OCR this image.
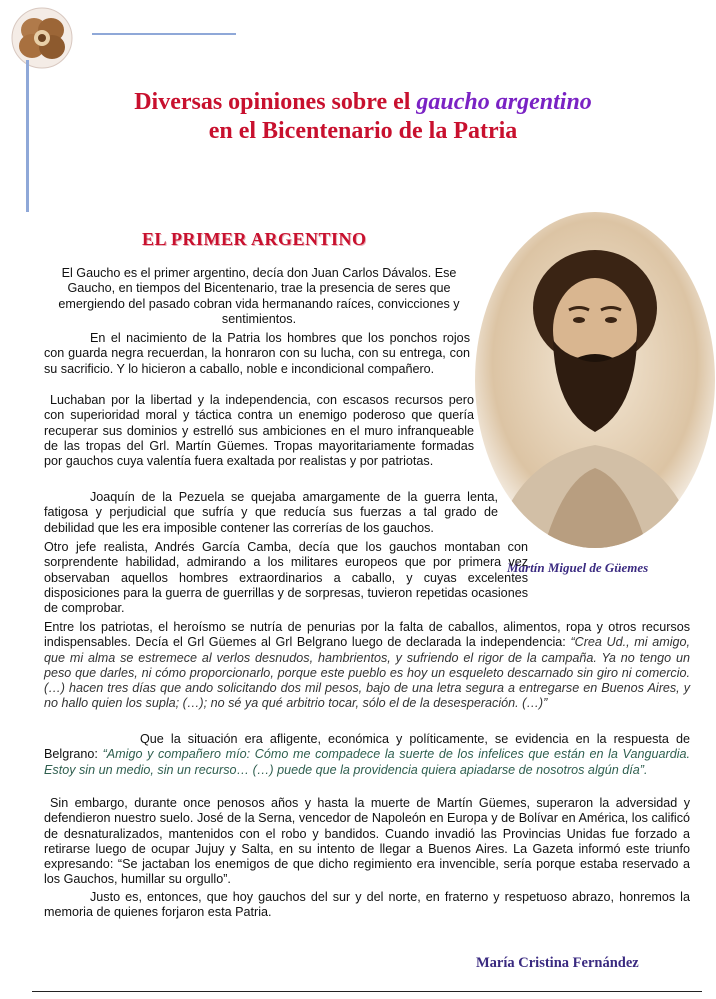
Diversas opiniones sobre el gaucho argentino
en el Bicentenario de la Patria
EL PRIMER ARGENTINO
Martín Miguel de Güemes
El Gaucho es el primer argentino, decía don Juan Carlos Dávalos. Ese Gaucho, en tiempos del Bicentenario, trae la presencia de seres que emergiendo del pasado cobran vida hermanando raíces, convicciones y sentimientos.
En el nacimiento de la Patria los hombres que los ponchos rojos con guarda negra recuerdan, la honraron con su lucha, con su entrega, con su sacrificio. Y lo hicieron a caballo, noble e incondicional compañero.
Luchaban por la libertad y la independencia, con escasos recursos pero con superioridad moral y táctica contra un enemigo poderoso que quería recuperar sus dominios y estrelló sus ambiciones en el muro infranqueable de las tropas del Grl. Martín Güemes. Tropas mayoritariamente formadas por gauchos cuya valentía fuera exaltada por realistas y por patriotas.
Joaquín de la Pezuela se quejaba amargamente de la guerra lenta, fatigosa y perjudicial que sufría y que reducía sus fuerzas a tal grado de debilidad que les era imposible contener las correrías de los gauchos.
Otro jefe realista, Andrés García Camba, decía que los gauchos montaban con sorprendente habilidad, admirando a los militares europeos que por primera vez observaban aquellos hombres extraordinarios a caballo, y cuyas excelentes disposiciones para la guerra de guerrillas y de sorpresas, tuvieron repetidas ocasiones de comprobar.
Entre los patriotas, el heroísmo se nutría de penurias por la falta de caballos, alimentos, ropa y otros recursos indispensables. Decía el Grl Güemes al Grl Belgrano luego de declarada la independencia: “Crea Ud., mi amigo, que mi alma se estremece al verlos desnudos, hambrientos, y sufriendo el rigor de la campaña. Ya no tengo un peso que darles, ni cómo proporcionarlo, porque este pueblo es hoy un esqueleto descarnado sin giro ni comercio. (…) hacen tres días que ando solicitando dos mil pesos, bajo de una letra segura a entregarse en Buenos Aires, y no hallo quien los supla; (…); no sé ya qué arbitrio tocar, sólo el de la desesperación. (…)”
Que la situación era afligente, económica y políticamente, se evidencia en la respuesta de Belgrano: “Amigo y compañero mío: Cómo me compadece la suerte de los infelices que están en la Vanguardia. Estoy sin un medio, sin un recurso… (…) puede que la providencia quiera apiadarse de nosotros algún día”.
Sin embargo, durante once penosos años y hasta la muerte de Martín Güemes, superaron la adversidad y defendieron nuestro suelo. José de la Serna, vencedor de Napoleón en Europa y de Bolívar en América, los calificó de desnaturalizados, mantenidos con el robo y bandidos. Cuando invadió las Provincias Unidas fue forzado a retirarse luego de ocupar Jujuy y Salta, en su intento de llegar a Buenos Aires. La Gazeta informó este triunfo expresando: “Se jactaban los enemigos de que dicho regimiento era invencible, sería porque estaba reservado a los Gauchos, humillar su orgullo”.
Justo es, entonces, que hoy gauchos del sur y del norte, en fraterno y respetuoso abrazo, honremos la memoria de quienes forjaron esta Patria.
María Cristina Fernández
